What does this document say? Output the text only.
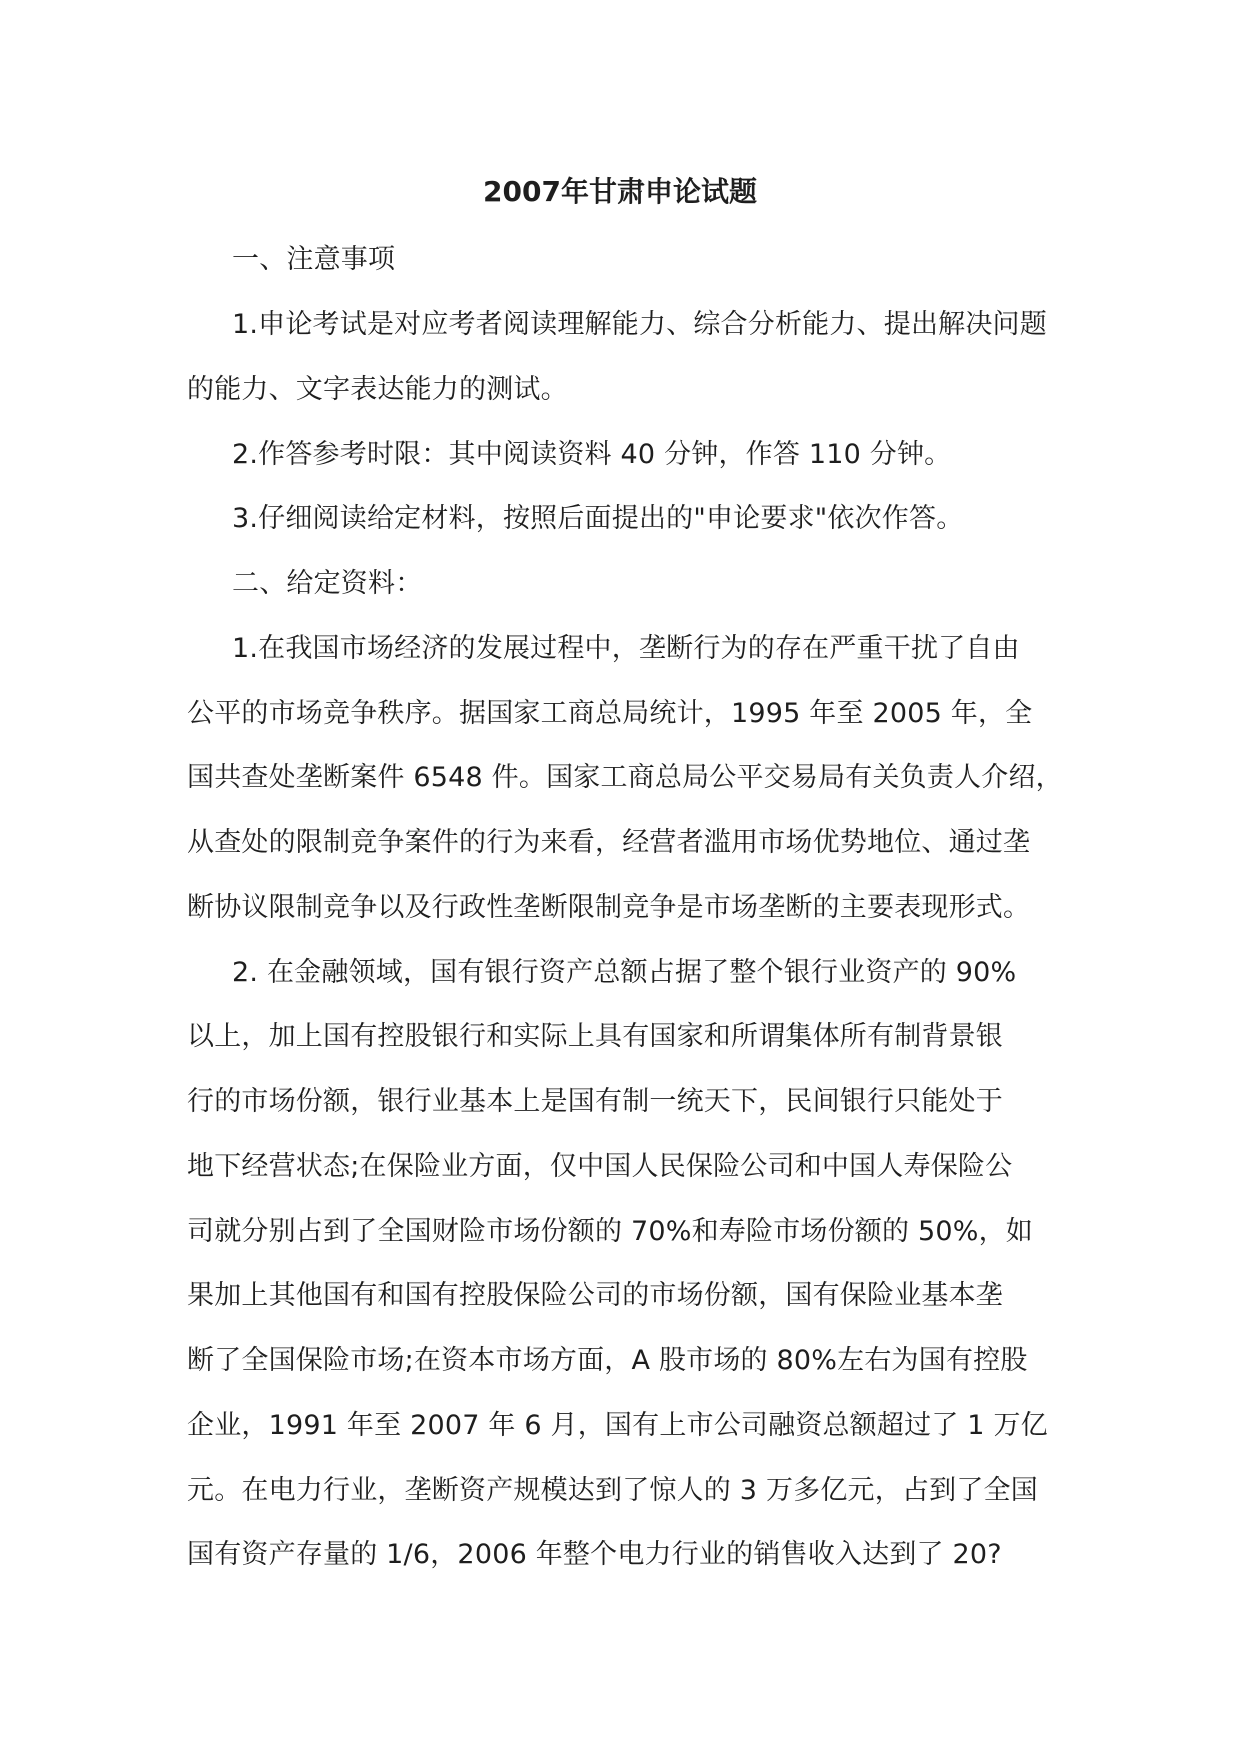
2007年甘肃申论试题
一、注意事项
1.申论考试是对应考者阅读理解能力、综合分析能力、提出解决问题
的能力、文字表达能力的测试。
2.作答参考时限：其中阅读资料 40 分钟，作答 110 分钟。
3.仔细阅读给定材料，按照后面提出的"申论要求"依次作答。
二、给定资料：
1.在我国市场经济的发展过程中，垄断行为的存在严重干扰了自由
公平的市场竞争秩序。据国家工商总局统计，1995 年至 2005 年，全
国共查处垄断案件 6548 件。国家工商总局公平交易局有关负责人介绍，
从查处的限制竞争案件的行为来看，经营者滥用市场优势地位、通过垄
断协议限制竞争以及行政性垄断限制竞争是市场垄断的主要表现形式。
2. 在金融领域，国有银行资产总额占据了整个银行业资产的 90%
以上，加上国有控股银行和实际上具有国家和所谓集体所有制背景银
行的市场份额，银行业基本上是国有制一统天下，民间银行只能处于
地下经营状态;在保险业方面，仅中国人民保险公司和中国人寿保险公
司就分别占到了全国财险市场份额的 70%和寿险市场份额的 50%，如
果加上其他国有和国有控股保险公司的市场份额，国有保险业基本垄
断了全国保险市场;在资本市场方面，A 股市场的 80%左右为国有控股
企业，1991 年至 2007 年 6 月，国有上市公司融资总额超过了 1 万亿
元。在电力行业，垄断资产规模达到了惊人的 3 万多亿元，占到了全国
国有资产存量的 1/6，2006 年整个电力行业的销售收入达到了 20?
